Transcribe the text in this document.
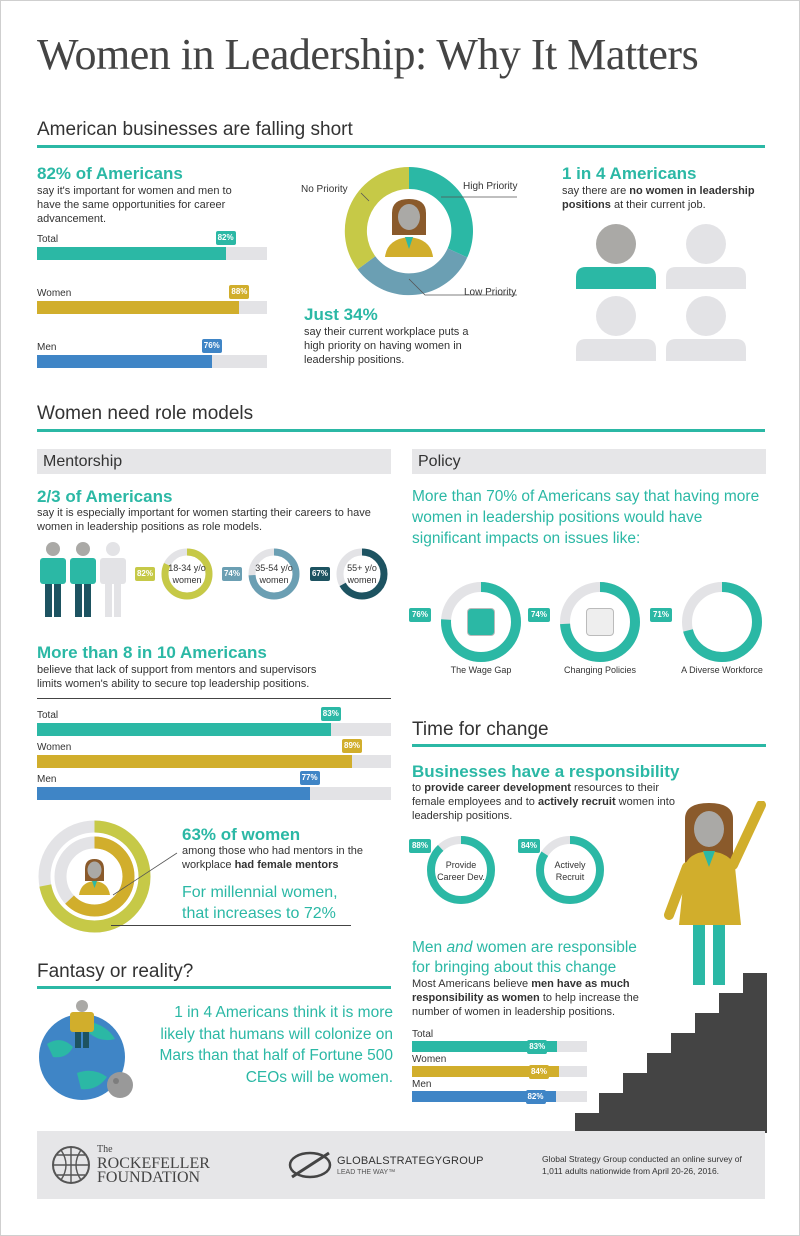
Women in Leadership: Why It Matters
American businesses are falling short
82% of Americans
say it's important for women and men to have the same opportunities for career advancement.
Total	82%
Women	88%
Men	76%
No Priority	High Priority
Low Priority
Just 34%
say their current workplace puts a high priority on having women in leadership positions.
1 in 4 Americans
say there are no women in leadership positions at their current job.
Women need role models
Mentorship	Policy
2/3 of Americans
say it is especially important for women starting their careers to have women in leadership positions as role models.
82%
18-34 y/o
women
74%
35-54 y/o
women
67%
55+ y/o
women
More than 8 in 10 Americans
believe that lack of support from mentors and supervisors limits women's ability to secure top leadership positions.
Total	83%
Women	89%
Men	77%
63% of women
among those who had mentors in the workplace had female mentors
For millennial women,
that increases to 72%
More than 70% of Americans say that having more women in leadership positions would have significant impacts on issues like:
76%
The Wage Gap
74%
Changing Policies
71%
A Diverse Workforce
Fantasy or reality?
1 in 4 Americans think it is more likely that humans will colonize on Mars than that half of Fortune 500 CEOs will be women.
Time for change
Businesses have a responsibility
to provide career development resources to their female employees and to actively recruit women into leadership positions.
88%
Provide
Career Dev.
84%
Actively
Recruit
Men and women are responsible
for bringing about this change
Most Americans believe men have as much responsibility as women to help increase the number of women in leadership positions.
Total
83%
Women
84%
Men
82%
The
ROCKEFELLER
FOUNDATION
GLOBALSTRATEGYGROUP
LEAD THE WAY™
Global Strategy Group conducted an online survey of 1,011 adults nationwide from April 20-26, 2016.
